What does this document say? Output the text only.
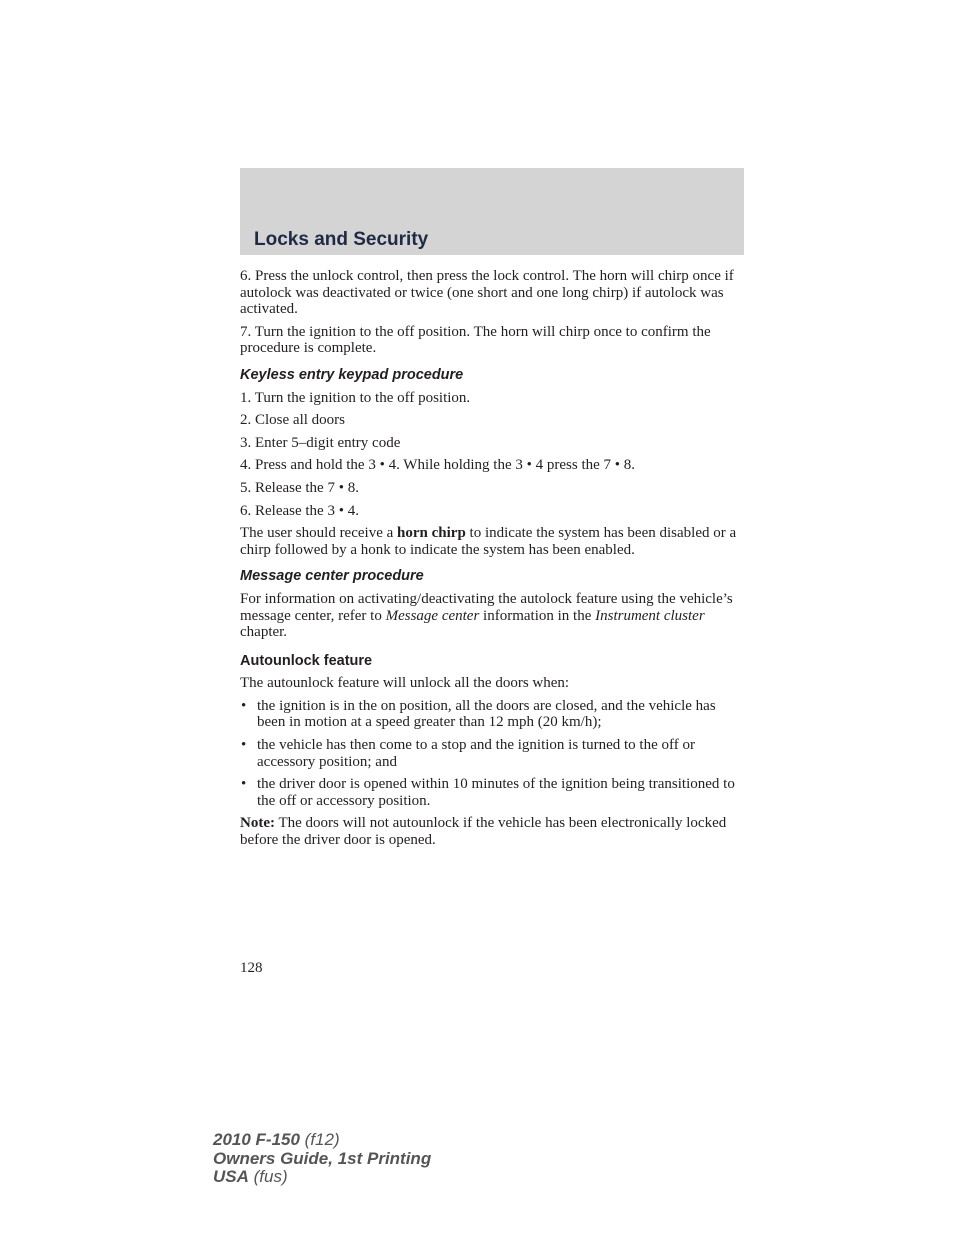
Locks and Security

6. Press the unlock control, then press the lock control. The horn will chirp once if autolock was deactivated or twice (one short and one long chirp) if autolock was activated.

7. Turn the ignition to the off position. The horn will chirp once to confirm the procedure is complete.

Keyless entry keypad procedure

1. Turn the ignition to the off position.

2. Close all doors

3. Enter 5–digit entry code

4. Press and hold the 3 • 4. While holding the 3 • 4 press the 7 • 8.

5. Release the 7 • 8.

6. Release the 3 • 4.

The user should receive a horn chirp to indicate the system has been disabled or a chirp followed by a honk to indicate the system has been enabled.

Message center procedure

For information on activating/deactivating the autolock feature using the vehicle’s message center, refer to Message center information in the Instrument cluster chapter.

Autounlock feature

The autounlock feature will unlock all the doors when:

• the ignition is in the on position, all the doors are closed, and the vehicle has been in motion at a speed greater than 12 mph (20 km/h);
• the vehicle has then come to a stop and the ignition is turned to the off or accessory position; and
• the driver door is opened within 10 minutes of the ignition being transitioned to the off or accessory position.

Note: The doors will not autounlock if the vehicle has been electronically locked before the driver door is opened.

128
2010 F-150 (f12)
Owners Guide, 1st Printing
USA (fus)
